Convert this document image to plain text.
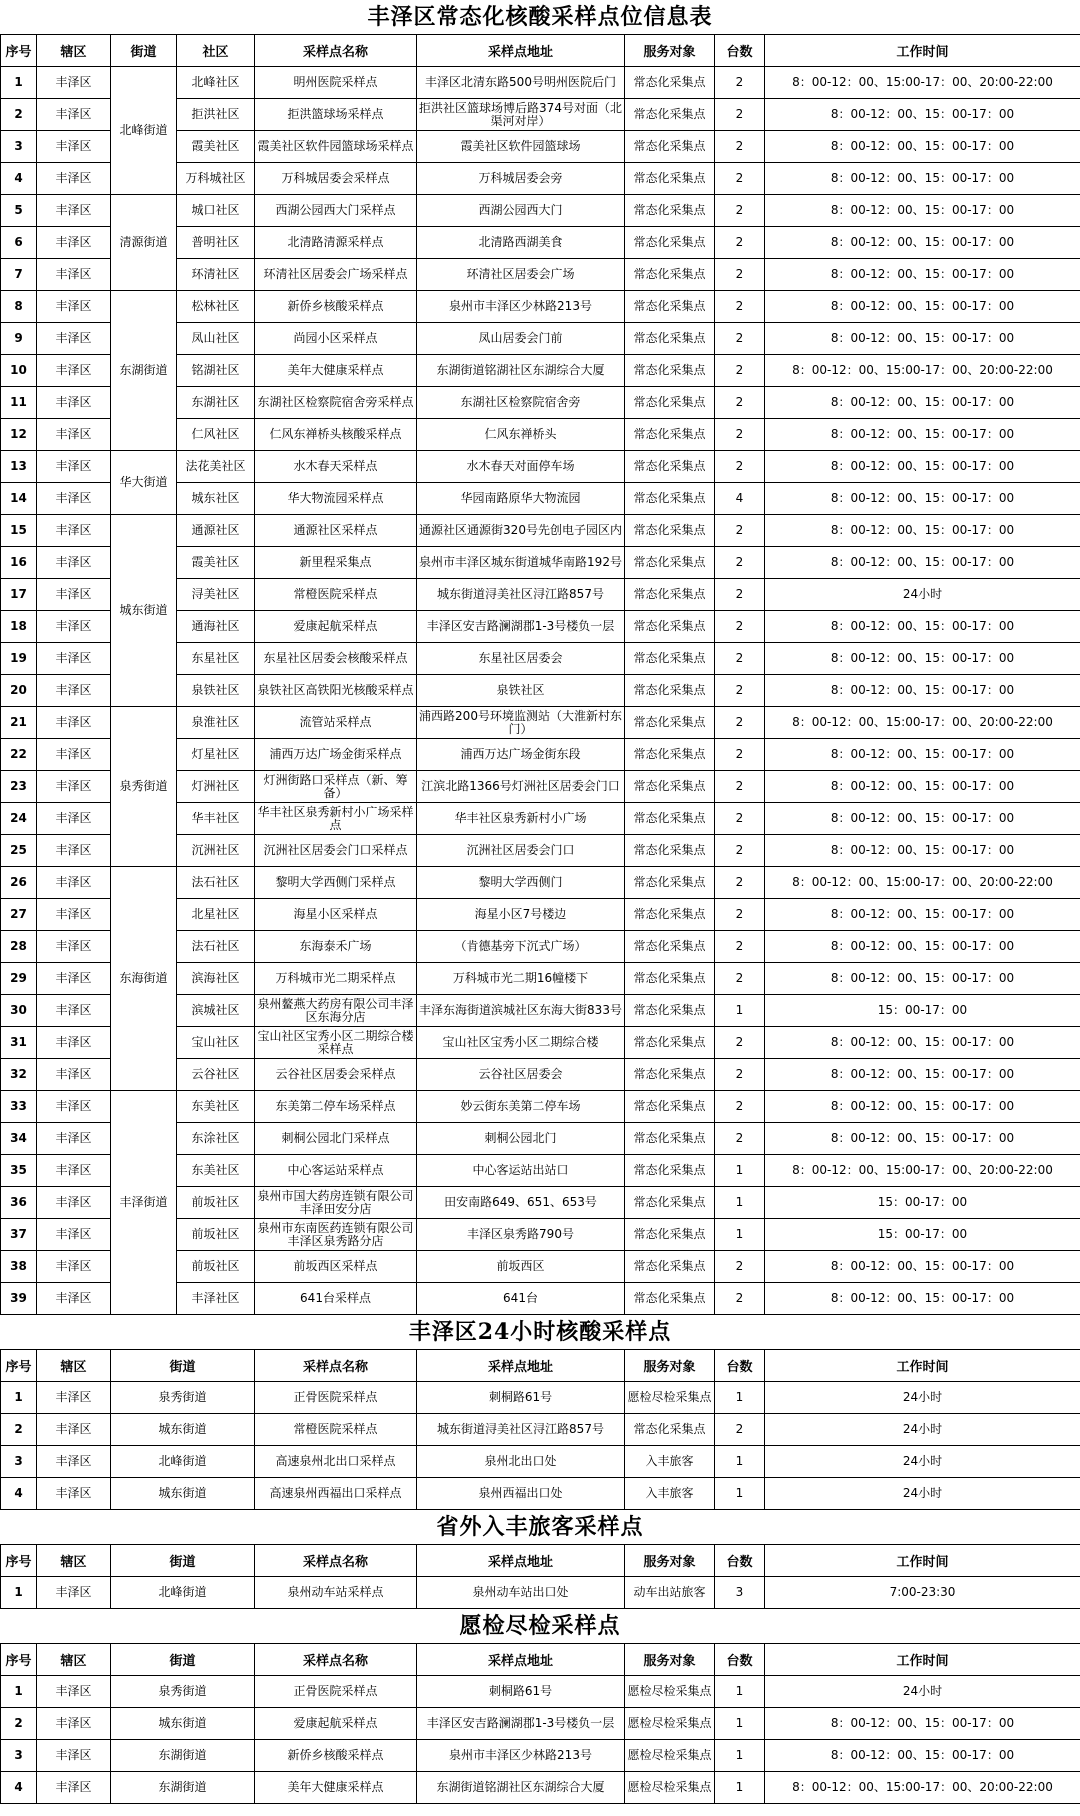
丰泽区常态化核酸采样点位信息表
序号	辖区	街道	社区	采样点名称	采样点地址	服务对象	台数	工作时间
1	丰泽区	北峰街道	北峰社区	明州医院采样点	丰泽区北清东路500号明州医院后门	常态化采集点	2	8：00-12：00、15:00-17：00、20:00-22:00
2	丰泽区		拒洪社区	拒洪篮球场采样点	拒洪社区篮球场博后路374号对面（北渠河对岸）	常态化采集点	2	8：00-12：00、15：00-17：00
3	丰泽区		霞美社区	霞美社区软件园篮球场采样点	霞美社区软件园篮球场	常态化采集点	2	8：00-12：00、15：00-17：00
4	丰泽区		万科城社区	万科城居委会采样点	万科城居委会旁	常态化采集点	2	8：00-12：00、15：00-17：00
5	丰泽区	清源街道	城口社区	西湖公园西大门采样点	西湖公园西大门	常态化采集点	2	8：00-12：00、15：00-17：00
6	丰泽区		普明社区	北清路清源采样点	北清路西湖美食	常态化采集点	2	8：00-12：00、15：00-17：00
7	丰泽区		环清社区	环清社区居委会广场采样点	环清社区居委会广场	常态化采集点	2	8：00-12：00、15：00-17：00
8	丰泽区	东湖街道	松林社区	新侨乡核酸采样点	泉州市丰泽区少林路213号	常态化采集点	2	8：00-12：00、15：00-17：00
9	丰泽区		凤山社区	尚园小区采样点	凤山居委会门前	常态化采集点	2	8：00-12：00、15：00-17：00
10	丰泽区		铭湖社区	美年大健康采样点	东湖街道铭湖社区东湖综合大厦	常态化采集点	2	8：00-12：00、15:00-17：00、20:00-22:00
11	丰泽区		东湖社区	东湖社区检察院宿舍旁采样点	东湖社区检察院宿舍旁	常态化采集点	2	8：00-12：00、15：00-17：00
12	丰泽区		仁风社区	仁风东禅桥头核酸采样点	仁风东禅桥头	常态化采集点	2	8：00-12：00、15：00-17：00
13	丰泽区	华大街道	法花美社区	水木春天采样点	水木春天对面停车场	常态化采集点	2	8：00-12：00、15：00-17：00
14	丰泽区		城东社区	华大物流园采样点	华园南路原华大物流园	常态化采集点	4	8：00-12：00、15：00-17：00
15	丰泽区	城东街道	通源社区	通源社区采样点	通源社区通源街320号先创电子园区内	常态化采集点	2	8：00-12：00、15：00-17：00
16	丰泽区		霞美社区	新里程采集点	泉州市丰泽区城东街道城华南路192号	常态化采集点	2	8：00-12：00、15：00-17：00
17	丰泽区		浔美社区	常橙医院采样点	城东街道浔美社区浔江路857号	常态化采集点	2	24小时
18	丰泽区		通海社区	爱康起航采样点	丰泽区安吉路澜湖郡1-3号楼负一层	常态化采集点	2	8：00-12：00、15：00-17：00
19	丰泽区		东星社区	东星社区居委会核酸采样点	东星社区居委会	常态化采集点	2	8：00-12：00、15：00-17：00
20	丰泽区		泉铁社区	泉铁社区高铁阳光核酸采样点	泉铁社区	常态化采集点	2	8：00-12：00、15：00-17：00
21	丰泽区	泉秀街道	泉淮社区	流管站采样点	浦西路200号环境监测站（大淮新村东门）	常态化采集点	2	8：00-12：00、15:00-17：00、20:00-22:00
22	丰泽区		灯星社区	浦西万达广场金街采样点	浦西万达广场金街东段	常态化采集点	2	8：00-12：00、15：00-17：00
23	丰泽区		灯洲社区	灯洲街路口采样点（新、筹备）	江滨北路1366号灯洲社区居委会门口	常态化采集点	2	8：00-12：00、15：00-17：00
24	丰泽区		华丰社区	华丰社区泉秀新村小广场采样点	华丰社区泉秀新村小广场	常态化采集点	2	8：00-12：00、15：00-17：00
25	丰泽区		沉洲社区	沉洲社区居委会门口采样点	沉洲社区居委会门口	常态化采集点	2	8：00-12：00、15：00-17：00
26	丰泽区	东海街道	法石社区	黎明大学西侧门采样点	黎明大学西侧门	常态化采集点	2	8：00-12：00、15:00-17：00、20:00-22:00
27	丰泽区		北星社区	海星小区采样点	海星小区7号楼边	常态化采集点	2	8：00-12：00、15：00-17：00
28	丰泽区		法石社区	东海泰禾广场	（肯德基旁下沉式广场）	常态化采集点	2	8：00-12：00、15：00-17：00
29	丰泽区		滨海社区	万科城市光二期采样点	万科城市光二期16幢楼下	常态化采集点	2	8：00-12：00、15：00-17：00
30	丰泽区		滨城社区	泉州鳌燕大药房有限公司丰泽区东海分店	丰泽东海街道滨城社区东海大街833号	常态化采集点	1	15：00-17：00
31	丰泽区		宝山社区	宝山社区宝秀小区二期综合楼采样点	宝山社区宝秀小区二期综合楼	常态化采集点	2	8：00-12：00、15：00-17：00
32	丰泽区		云谷社区	云谷社区居委会采样点	云谷社区居委会	常态化采集点	2	8：00-12：00、15：00-17：00
33	丰泽区	丰泽街道	东美社区	东美第二停车场采样点	妙云街东美第二停车场	常态化采集点	2	8：00-12：00、15：00-17：00
34	丰泽区		东涂社区	刺桐公园北门采样点	刺桐公园北门	常态化采集点	2	8：00-12：00、15：00-17：00
35	丰泽区		东美社区	中心客运站采样点	中心客运站出站口	常态化采集点	1	8：00-12：00、15:00-17：00、20:00-22:00
36	丰泽区		前坂社区	泉州市国大药房连锁有限公司丰泽田安分店	田安南路649、651、653号	常态化采集点	1	15：00-17：00
37	丰泽区		前坂社区	泉州市东南医药连锁有限公司丰泽区泉秀路分店	丰泽区泉秀路790号	常态化采集点	1	15：00-17：00
38	丰泽区		前坂社区	前坂西区采样点	前坂西区	常态化采集点	2	8：00-12：00、15：00-17：00
39	丰泽区		丰泽社区	641台采样点	641台	常态化采集点	2	8：00-12：00、15：00-17：00
丰泽区24小时核酸采样点
序号	辖区	街道	采样点名称	采样点地址	服务对象	台数	工作时间
1	丰泽区	泉秀街道	正骨医院采样点	刺桐路61号	愿检尽检采集点	1	24小时
2	丰泽区	城东街道	常橙医院采样点	城东街道浔美社区浔江路857号	常态化采集点	2	24小时
3	丰泽区	北峰街道	高速泉州北出口采样点	泉州北出口处	入丰旅客	1	24小时
4	丰泽区	城东街道	高速泉州西福出口采样点	泉州西福出口处	入丰旅客	1	24小时
省外入丰旅客采样点
序号	辖区	街道	采样点名称	采样点地址	服务对象	台数	工作时间
1	丰泽区	北峰街道	泉州动车站采样点	泉州动车站出口处	动车出站旅客	3	7:00-23:30
愿检尽检采样点
序号	辖区	街道	采样点名称	采样点地址	服务对象	台数	工作时间
1	丰泽区	泉秀街道	正骨医院采样点	刺桐路61号	愿检尽检采集点	1	24小时
2	丰泽区	城东街道	爱康起航采样点	丰泽区安吉路澜湖郡1-3号楼负一层	愿检尽检采集点	1	8：00-12：00、15：00-17：00
3	丰泽区	东湖街道	新侨乡核酸采样点	泉州市丰泽区少林路213号	愿检尽检采集点	1	8：00-12：00、15：00-17：00
4	丰泽区	东湖街道	美年大健康采样点	东湖街道铭湖社区东湖综合大厦	愿检尽检采集点	1	8：00-12：00、15:00-17：00、20:00-22:00
